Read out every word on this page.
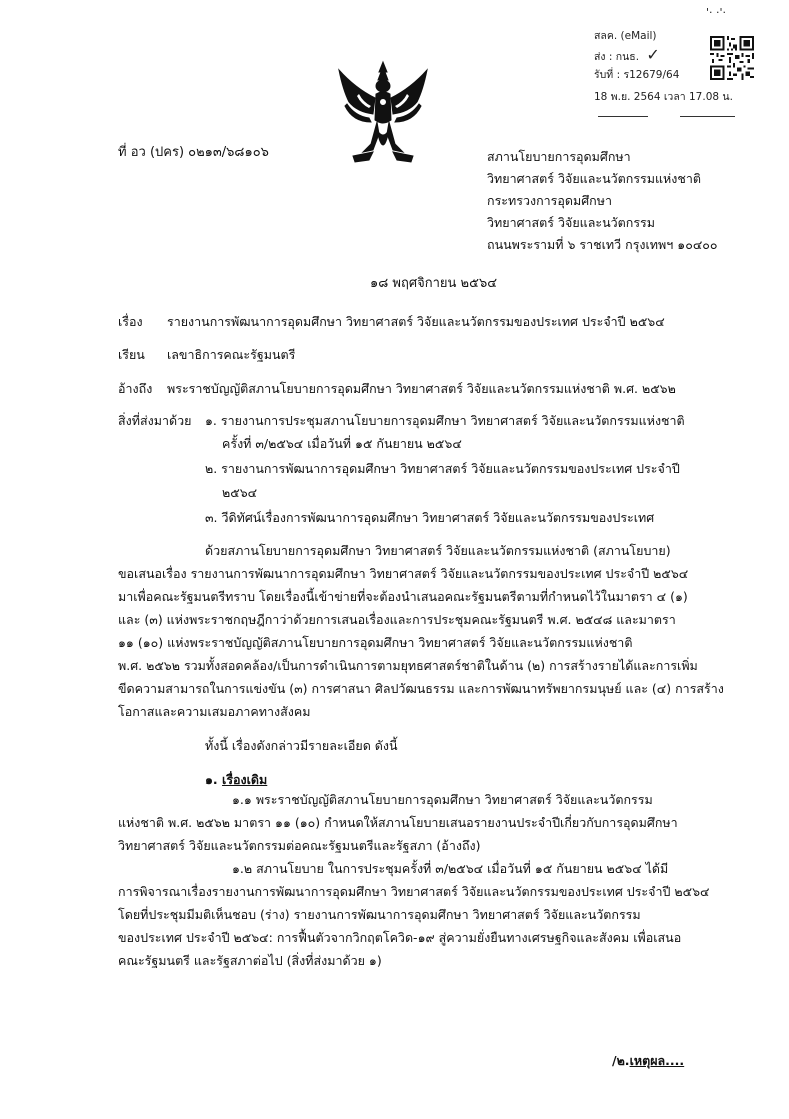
'· ·'·
สลค. (eMail)
ส่ง : กนธ. ✓
รับที่ : ร12679/64
18 พ.ย. 2564 เวลา 17.08 น.
ที่ อว (ปคร) ๐๒๑๓/๖๘๑๐๖	สภานโยบายการอุดมศึกษา
วิทยาศาสตร์ วิจัยและนวัตกรรมแห่งชาติ
กระทรวงการอุดมศึกษา
วิทยาศาสตร์ วิจัยและนวัตกรรม
ถนนพระรามที่ ๖ ราชเทวี กรุงเทพฯ ๑๐๔๐๐
๑๘ พฤศจิกายน ๒๕๖๔
เรื่อง รายงานการพัฒนาการอุดมศึกษา วิทยาศาสตร์ วิจัยและนวัตกรรมของประเทศ ประจำปี ๒๕๖๔
เรียน เลขาธิการคณะรัฐมนตรี
อ้างถึง พระราชบัญญัติสภานโยบายการอุดมศึกษา วิทยาศาสตร์ วิจัยและนวัตกรรมแห่งชาติ พ.ศ. ๒๕๖๒
สิ่งที่ส่งมาด้วย ๑. รายงานการประชุมสภานโยบายการอุดมศึกษา วิทยาศาสตร์ วิจัยและนวัตกรรมแห่งชาติ
ครั้งที่ ๓/๒๕๖๔ เมื่อวันที่ ๑๕ กันยายน ๒๕๖๔
๒. รายงานการพัฒนาการอุดมศึกษา วิทยาศาสตร์ วิจัยและนวัตกรรมของประเทศ ประจำปี
๒๕๖๔
๓. วีดิทัศน์เรื่องการพัฒนาการอุดมศึกษา วิทยาศาสตร์ วิจัยและนวัตกรรมของประเทศ
ด้วยสภานโยบายการอุดมศึกษา วิทยาศาสตร์ วิจัยและนวัตกรรมแห่งชาติ (สภานโยบาย)
ขอเสนอเรื่อง รายงานการพัฒนาการอุดมศึกษา วิทยาศาสตร์ วิจัยและนวัตกรรมของประเทศ ประจำปี ๒๕๖๔
มาเพื่อคณะรัฐมนตรีทราบ โดยเรื่องนี้เข้าข่ายที่จะต้องนำเสนอคณะรัฐมนตรีตามที่กำหนดไว้ในมาตรา ๔ (๑)
และ (๓) แห่งพระราชกฤษฎีกาว่าด้วยการเสนอเรื่องและการประชุมคณะรัฐมนตรี พ.ศ. ๒๕๔๘ และมาตรา
๑๑ (๑๐) แห่งพระราชบัญญัติสภานโยบายการอุดมศึกษา วิทยาศาสตร์ วิจัยและนวัตกรรมแห่งชาติ
พ.ศ. ๒๕๖๒ รวมทั้งสอดคล้อง/เป็นการดำเนินการตามยุทธศาสตร์ชาติในด้าน (๒) การสร้างรายได้และการเพิ่ม
ขีดความสามารถในการแข่งขัน (๓) การศาสนา ศิลปวัฒนธรรม และการพัฒนาทรัพยากรมนุษย์ และ (๔) การสร้าง
โอกาสและความเสมอภาคทางสังคม
ทั้งนี้ เรื่องดังกล่าวมีรายละเอียด ดังนี้
๑. เรื่องเดิม
๑.๑ พระราชบัญญัติสภานโยบายการอุดมศึกษา วิทยาศาสตร์ วิจัยและนวัตกรรม
แห่งชาติ พ.ศ. ๒๕๖๒ มาตรา ๑๑ (๑๐) กำหนดให้สภานโยบายเสนอรายงานประจำปีเกี่ยวกับการอุดมศึกษา
วิทยาศาสตร์ วิจัยและนวัตกรรมต่อคณะรัฐมนตรีและรัฐสภา (อ้างถึง)
๑.๒ สภานโยบาย ในการประชุมครั้งที่ ๓/๒๕๖๔ เมื่อวันที่ ๑๕ กันยายน ๒๕๖๔ ได้มี
การพิจารณาเรื่องรายงานการพัฒนาการอุดมศึกษา วิทยาศาสตร์ วิจัยและนวัตกรรมของประเทศ ประจำปี ๒๕๖๔
โดยที่ประชุมมีมติเห็นชอบ (ร่าง) รายงานการพัฒนาการอุดมศึกษา วิทยาศาสตร์ วิจัยและนวัตกรรม
ของประเทศ ประจำปี ๒๕๖๔: การฟื้นตัวจากวิกฤตโควิด-๑๙ สู่ความยั่งยืนทางเศรษฐกิจและสังคม เพื่อเสนอ
คณะรัฐมนตรี และรัฐสภาต่อไป (สิ่งที่ส่งมาด้วย ๑)
/๒.เหตุผล....
